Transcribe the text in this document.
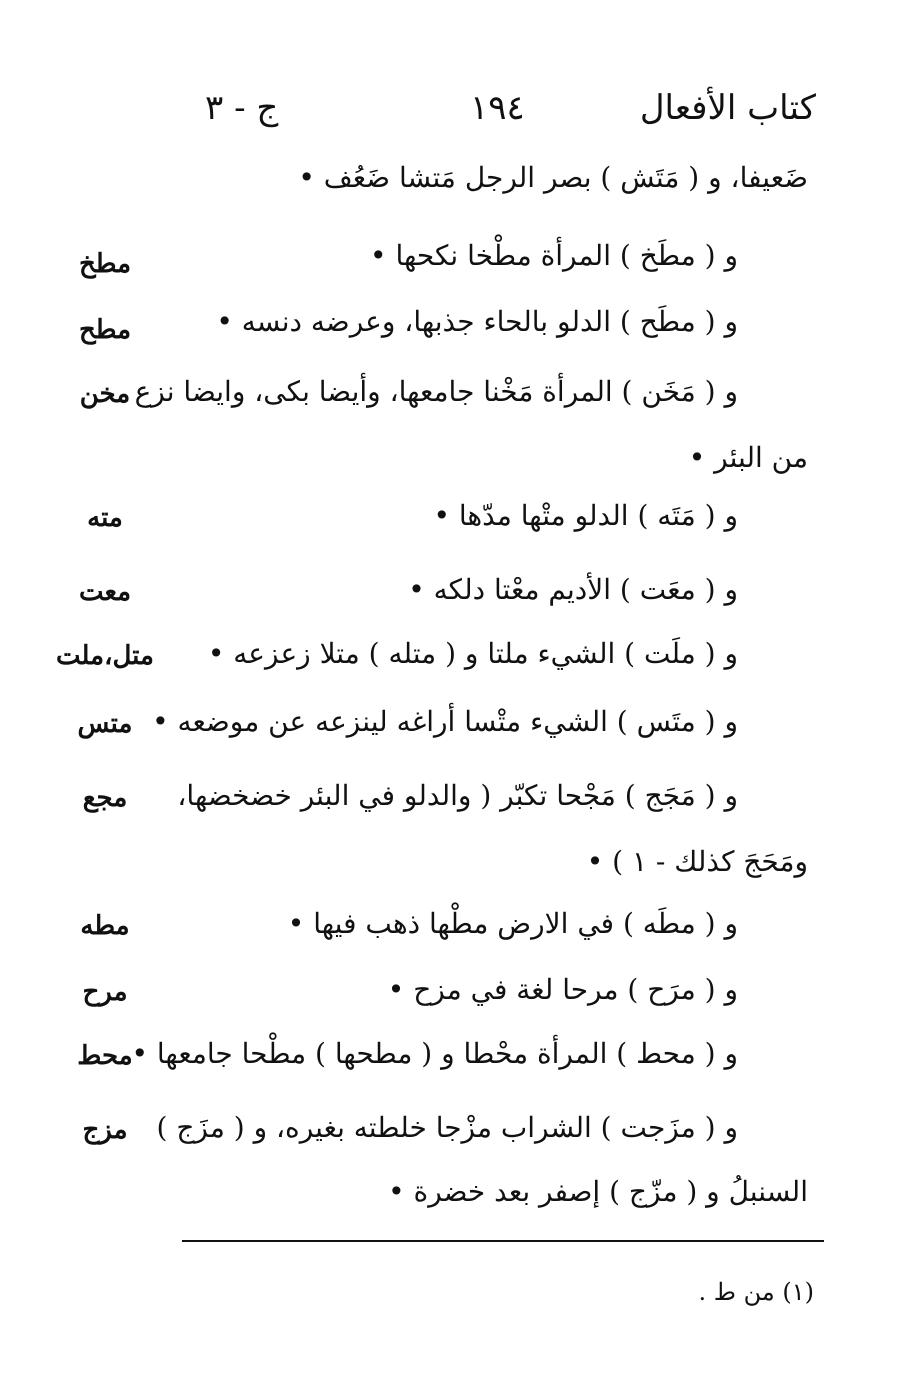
كتاب الأفعال
١٩٤
ج - ٣
ضَعيفا، و ( مَتَش ) بصر الرجل مَتشا ضَعُف •
و ( مطَخ ) المرأة مطْخا نكحها •
مطخ
و ( مطَح ) الدلو بالحاء جذبها، وعرضه دنسه •
مطح
و ( مَخَن ) المرأة مَخْنا جامعها، وأيضا بكى، وايضا نزع
مخن
من البئر •
و ( مَتَه ) الدلو متْها مدّها •
مته
و ( معَت ) الأديم معْتا دلكه •
معت
و ( ملَت ) الشيء ملتا و ( متله ) متلا زعزعه •
متل،ملت
و ( متَس ) الشيء متْسا أراغه لينزعه عن موضعه •
متس
و ( مَجَج ) مَجْحا تكبّر ( والدلو في البئر خضخضها،
مجع
ومَحَجَ كذلك - ١ ) •
و ( مطَه ) في الارض مطْها ذهب فيها •
مطه
و ( مرَح ) مرحا لغة في مزح •
مرح
و ( محط ) المرأة محْطا و ( مطحها ) مطْحا جامعها •
محط
و ( مزَجت ) الشراب مزْجا خلطته بغيره، و ( مزَج )
مزج
السنبلُ و ( مزّج ) إصفر بعد خضرة •
(١) من ط .
